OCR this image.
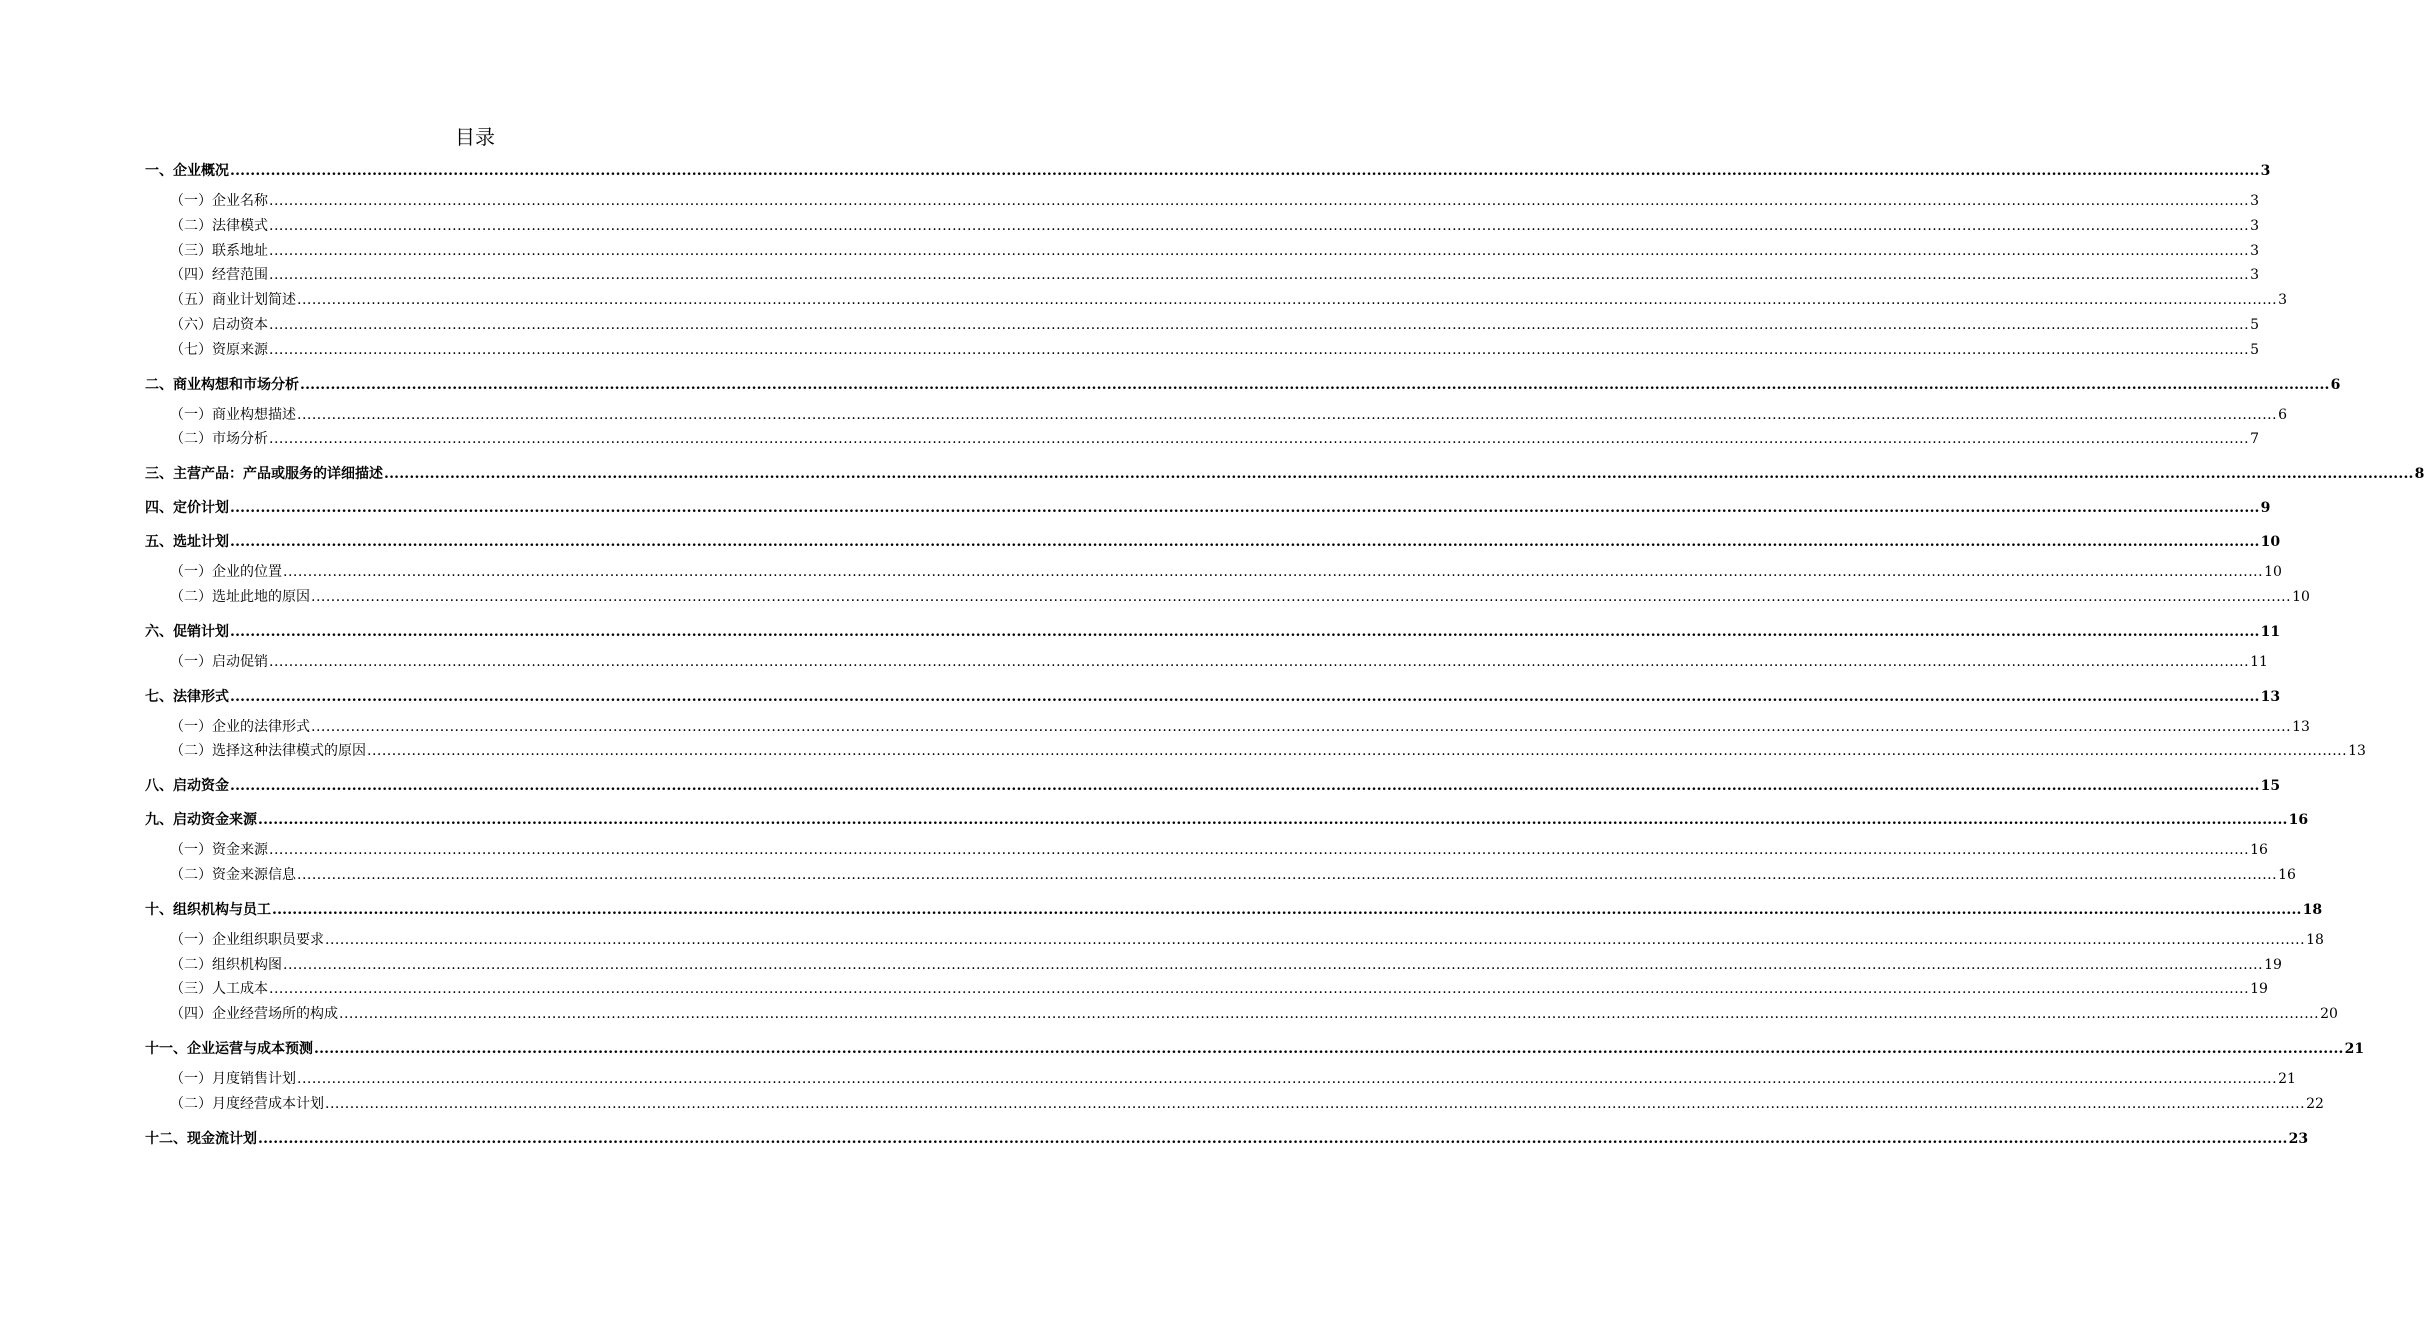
目录
一、企业概况 ................................................................................................................................................................................................................................................................................................................................................................................................................ 3
（一）企业名称 ................................................................................................................................................................................................................................................................................................................................................................................................................ 3
（二）法律模式 ................................................................................................................................................................................................................................................................................................................................................................................................................ 3
（三）联系地址 ................................................................................................................................................................................................................................................................................................................................................................................................................ 3
（四）经营范围 ................................................................................................................................................................................................................................................................................................................................................................................................................ 3
（五）商业计划简述 ................................................................................................................................................................................................................................................................................................................................................................................................................ 3
（六）启动资本 ................................................................................................................................................................................................................................................................................................................................................................................................................ 5
（七）资原来源 ................................................................................................................................................................................................................................................................................................................................................................................................................ 5
二、商业构想和市场分析 ................................................................................................................................................................................................................................................................................................................................................................................................................ 6
（一）商业构想描述 ................................................................................................................................................................................................................................................................................................................................................................................................................ 6
（二）市场分析 ................................................................................................................................................................................................................................................................................................................................................................................................................ 7
三、主营产品：产品或服务的详细描述 ................................................................................................................................................................................................................................................................................................................................................................................................................ 8
四、定价计划 ................................................................................................................................................................................................................................................................................................................................................................................................................ 9
五、选址计划 ................................................................................................................................................................................................................................................................................................................................................................................................................ 10
（一）企业的位置 ................................................................................................................................................................................................................................................................................................................................................................................................................ 10
（二）选址此地的原因 ................................................................................................................................................................................................................................................................................................................................................................................................................ 10
六、促销计划 ................................................................................................................................................................................................................................................................................................................................................................................................................ 11
（一）启动促销 ................................................................................................................................................................................................................................................................................................................................................................................................................ 11
七、法律形式 ................................................................................................................................................................................................................................................................................................................................................................................................................ 13
（一）企业的法律形式 ................................................................................................................................................................................................................................................................................................................................................................................................................ 13
（二）选择这种法律模式的原因 ................................................................................................................................................................................................................................................................................................................................................................................................................ 13
八、启动资金 ................................................................................................................................................................................................................................................................................................................................................................................................................ 15
九、启动资金来源 ................................................................................................................................................................................................................................................................................................................................................................................................................ 16
（一）资金来源 ................................................................................................................................................................................................................................................................................................................................................................................................................ 16
（二）资金来源信息 ................................................................................................................................................................................................................................................................................................................................................................................................................ 16
十、组织机构与员工 ................................................................................................................................................................................................................................................................................................................................................................................................................ 18
（一）企业组织职员要求 ................................................................................................................................................................................................................................................................................................................................................................................................................ 18
（二）组织机构图 ................................................................................................................................................................................................................................................................................................................................................................................................................ 19
（三）人工成本 ................................................................................................................................................................................................................................................................................................................................................................................................................ 19
（四）企业经营场所的构成 ................................................................................................................................................................................................................................................................................................................................................................................................................ 20
十一、企业运营与成本预测 ................................................................................................................................................................................................................................................................................................................................................................................................................ 21
（一）月度销售计划 ................................................................................................................................................................................................................................................................................................................................................................................................................ 21
（二）月度经营成本计划 ................................................................................................................................................................................................................................................................................................................................................................................................................ 22
十二、现金流计划 ................................................................................................................................................................................................................................................................................................................................................................................................................ 23
